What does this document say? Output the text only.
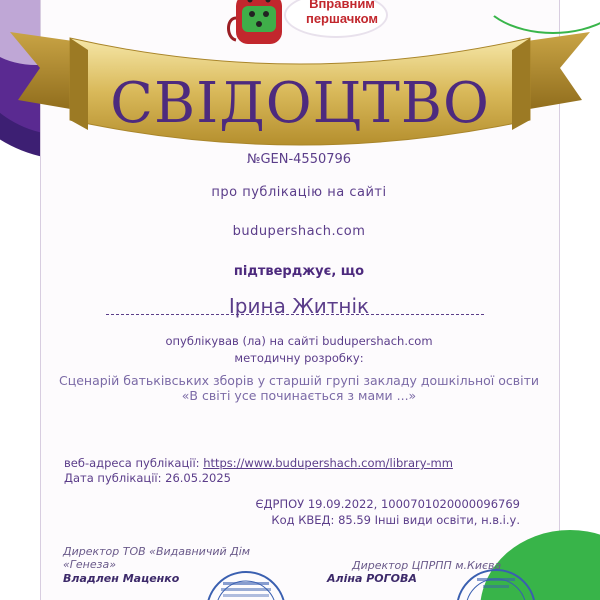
Вправним
першачком
СВІДОЦТВО
№GEN-4550796
про публікацію на сайті
budupershach.com
підтверджує, що
Ірина Житнік
опублікував (ла) на сайті budupershach.com
методичну розробку:
Сценарій батьківських зборів у старшій групі закладу дошкільної освіти
«В світі усе починається з мами ...»
веб-адреса публікації: https://www.budupershach.com/library-mm
Дата публікації: 26.05.2025
ЄДРПОУ 19.09.2022, 1000701020000096769
Код КВЕД: 85.59 Інші види освіти, н.в.і.у.
Директор ТОВ «Видавничий Дім «Генеза»
Владлен Маценко
Директор ЦПРПП м.Києва
Аліна РОГОВА
